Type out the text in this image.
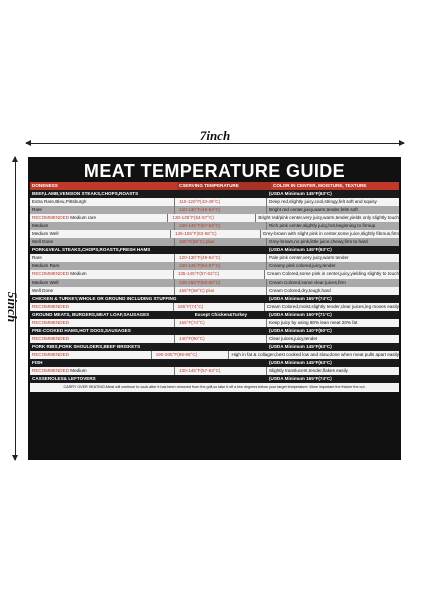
7inch
5inch
MEAT TEMPERATURE GUIDE
DONENESS	CSERVING TEMPERATURE	COLOR IN CENTER, MOISTURE, TEXTURE
BEEF,LAMB,VENSION STEAKS,CHOPS,ROASTS	(USDA Minimum 145°F(63°C)
Extra Rare,Bleu,Pittsburgh	110-120°F(43-49°C)	Deep red,slightly juicy,cool,stringy,felt soft and squisy
Rare	120-130°F(49-54°C)	Bright red center,juicy,warm,tender,felts soft
RECOMMENDED Medium rare	130-135°F(54-57°C)	Bright red/pink center,very juicy,warm,tender,yields only slightly touch
Medium	135-145°F(57-63°C)	Rich pink center,slightly juicy,hot,beginning to firmup
Medium Well	145-155°F(63-68°C)	Grey-brown with slight pink in center,some juice,slightly fibrous,firm
Well Done	155°F(68°C) plus	Grey-brown,no pink,little juice,chewy,firm to hard
PORK&VEAL STEAKS,CHOPS,ROASTS,FRESH HAMS	(USDA Minimum 145°F(63°C)
Rare	120-130°F(49-54°C)	Pale pink center,very juicy,warm tender
Medium Rare	130-135°F(54-57°C)	Creamy pink colored,juicy,tender
RECOMMENDED Medium	135-145°F(57-63°C)	Cream Colored,some pink in center,juicy,yielding slightly to touch
Medium Well	145-155°F(63-68°C)	Cream Colored,some clear juices,firm
Well Done	155°F(68°C) plus	Cream Colored,dry,tough,hard
CHICKEN & TURKEY,WHOLE OR GROUND INCLUDING STUFFING	(USDA Minimum 165°F(74°C)
RECOMMENDED	165°F(74°C)	Cream Colored,moist,slightly tender,clear juices,leg moves easily
GROUND MEATS, BURGERS,MEAT LOAF,SAUSAGES	Except Chicken&Turkey	(USDA Minimum 160°F(71°C)
RECOMMENDED	165°F(74°C)	Keep juicy by using 80% lean meat 20% fat
PRE-COOKED HAMS,HOT DOGS,SAUSAGES	(USDA Minimum 140°F(60°C)
RECOMMENDED	140°F(60°C)	Clear juices,juicy,tender
PORK RIBS,PORK SHOULDERS,BEEF BRISKETS	(USDA Minimum 145°F(63°C)
RECOMMENDED	190-205°F(88-96°C)	High in fat & collagen,best cooked low and slow,done when meat pulls apart easily
FISH	(USDA Minimum 145°F(63°C)
RECOMMENDED Medium	130-145°F(57-63°C)	Slightly translucent,tender,flakes easily
CASSEROLES& LEFTOVERS	(USDA Minimum 165°F(74°C)
CARRY OVER HEATING:Meat will continue to cook after it has been removed from the grill,so take it off a few degrees below your target temperature. More important the thicker the cut.
